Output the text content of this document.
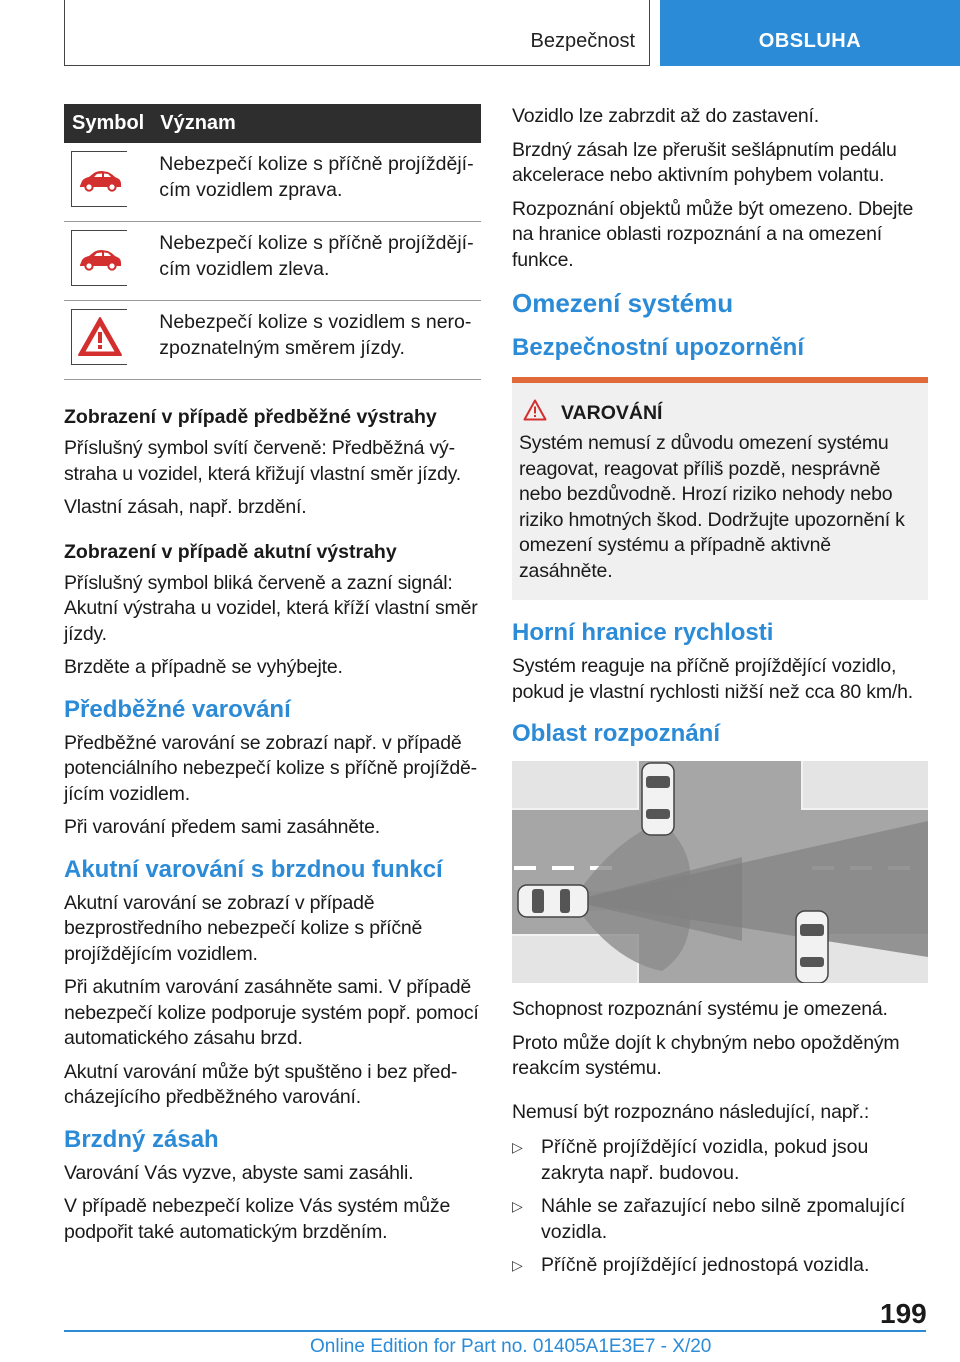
Bezpečnost	OBSLUHA
Symbol	Význam

	Nebezpečí kolize s příčně projíždějícím vozidlem zprava.

	Nebezpečí kolize s příčně projíždějícím vozidlem zleva.

	Nebezpečí kolize s vozidlem s nerozpoznatelným směrem jízdy.
Zobrazení v případě předběžné výstrahy

Příslušný symbol svítí červeně: Předběžná výstraha u vozidel, která křižují vlastní směr jízdy.

Vlastní zásah, např. brzdění.

Zobrazení v případě akutní výstrahy

Příslušný symbol bliká červeně a zazní signál: Akutní výstraha u vozidel, která kříží vlastní směr jízdy.

Brzděte a případně se vyhýbejte.

Předběžné varování

Předběžné varování se zobrazí např. v případě potenciálního nebezpečí kolize s příčně projíždějícím vozidlem.

Při varování předem sami zasáhněte.

Akutní varování s brzdnou funkcí

Akutní varování se zobrazí v případě bezprostředního nebezpečí kolize s příčně projíždějícím vozidlem.

Při akutním varování zasáhněte sami. V případě nebezpečí kolize podporuje systém popř. pomocí automatického zásahu brzd.

Akutní varování může být spuštěno i bez předcházejícího předběžného varování.

Brzdný zásah

Varování Vás vyzve, abyste sami zasáhli.

V případě nebezpečí kolize Vás systém může podpořit také automatickým brzděním.

Vozidlo lze zabrzdit až do zastavení.

Brzdný zásah lze přerušit sešlápnutím pedálu akcelerace nebo aktivním pohybem volantu.

Rozpoznání objektů může být omezeno. Dbejte na hranice oblasti rozpoznání a na omezení funkce.

Omezení systému
Bezpečnostní upozornění
VAROVÁNÍ

Systém nemusí z důvodu omezení systému reagovat, reagovat příliš pozdě, nesprávně nebo bezdůvodně. Hrozí riziko nehody nebo riziko hmotných škod. Dodržujte upozornění k omezení systému a případně aktivně zasáhněte.

Horní hranice rychlosti

Systém reaguje na příčně projíždějící vozidlo, pokud je vlastní rychlosti nižší než cca 80 km/h.

Oblast rozpoznání

Schopnost rozpoznání systému je omezená.

Proto může dojít k chybným nebo opožděným reakcím systému.

Nemusí být rozpoznáno následující, např.:

▷ Příčně projíždějící vozidla, pokud jsou zakryta např. budovou.
▷ Náhle se zařazující nebo silně zpomalující vozidla.
▷ Příčně projíždějící jednostopá vozidla.
199
Online Edition for Part no. 01405A1E3E7 - X/20
